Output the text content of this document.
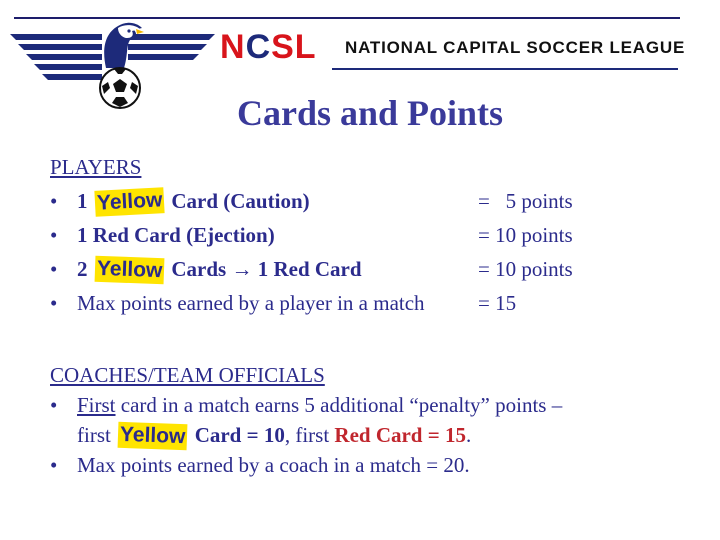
NCSL NATIONAL CAPITAL SOCCER LEAGUE
Cards and Points
PLAYERS
• 1 Yellow Card (Caution)	=   5 points
• 1 Red Card (Ejection)	= 10 points
• 2 Yellow Cards → 1 Red Card	= 10 points
• Max points earned by a player in a match	= 15
COACHES/TEAM OFFICIALS
• First card in a match earns 5 additional “penalty” points –
first Yellow Card = 10, first Red Card = 15.
• Max points earned by a coach in a match = 20.
